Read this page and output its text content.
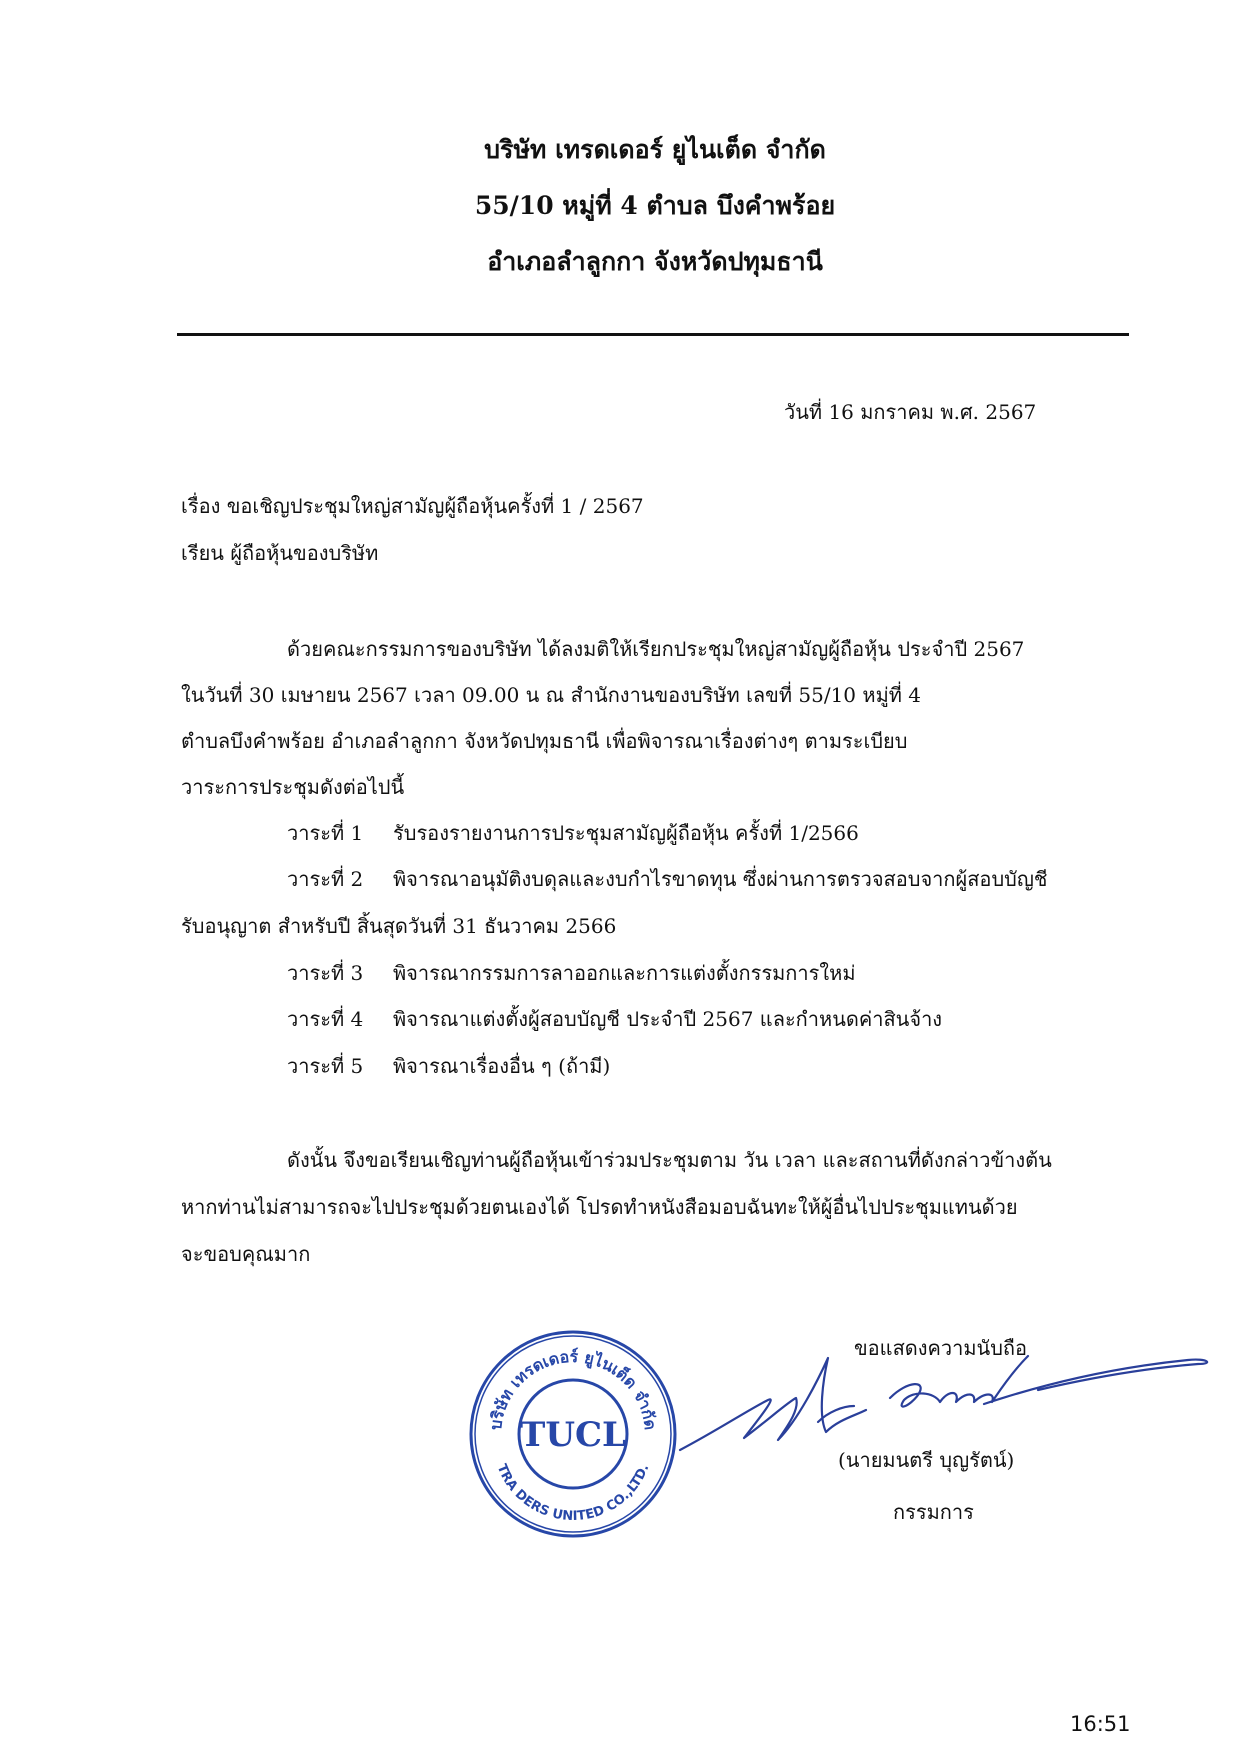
บริษัท เทรดเดอร์ ยูไนเต็ด จำกัด
55/10 หมู่ที่ 4 ตำบล บึงคำพร้อย
อำเภอลำลูกกา จังหวัดปทุมธานี
วันที่ 16 มกราคม พ.ศ. 2567
เรื่อง ขอเชิญประชุมใหญ่สามัญผู้ถือหุ้นครั้งที่ 1 / 2567
เรียน ผู้ถือหุ้นของบริษัท
ด้วยคณะกรรมการของบริษัท ได้ลงมติให้เรียกประชุมใหญ่สามัญผู้ถือหุ้น ประจำปี 2567
ในวันที่ 30 เมษายน 2567 เวลา 09.00 น ณ สำนักงานของบริษัท เลขที่ 55/10 หมู่ที่ 4
ตำบลบึงคำพร้อย อำเภอลำลูกกา จังหวัดปทุมธานี เพื่อพิจารณาเรื่องต่างๆ ตามระเบียบ
วาระการประชุมดังต่อไปนี้
วาระที่ 1 รับรองรายงานการประชุมสามัญผู้ถือหุ้น ครั้งที่ 1/2566
วาระที่ 2 พิจารณาอนุมัติงบดุลและงบกำไรขาดทุน ซึ่งผ่านการตรวจสอบจากผู้สอบบัญชี
รับอนุญาต สำหรับปี สิ้นสุดวันที่ 31 ธันวาคม 2566
วาระที่ 3 พิจารณากรรมการลาออกและการแต่งตั้งกรรมการใหม่
วาระที่ 4 พิจารณาแต่งตั้งผู้สอบบัญชี ประจำปี 2567 และกำหนดค่าสินจ้าง
วาระที่ 5 พิจารณาเรื่องอื่น ๆ (ถ้ามี)
ดังนั้น จึงขอเรียนเชิญท่านผู้ถือหุ้นเข้าร่วมประชุมตาม วัน เวลา และสถานที่ดังกล่าวข้างต้น
หากท่านไม่สามารถจะไปประชุมด้วยตนเองได้ โปรดทำหนังสือมอบฉันทะให้ผู้อื่นไปประชุมแทนด้วย
จะขอบคุณมาก
ขอแสดงความนับถือ
บริษัท เทรดเดอร์ ยูไนเต็ด จำกัด
TRA DERS UNITED CO.,LTD.
TUCL
(นายมนตรี บุญรัตน์)
กรรมการ
16:51
